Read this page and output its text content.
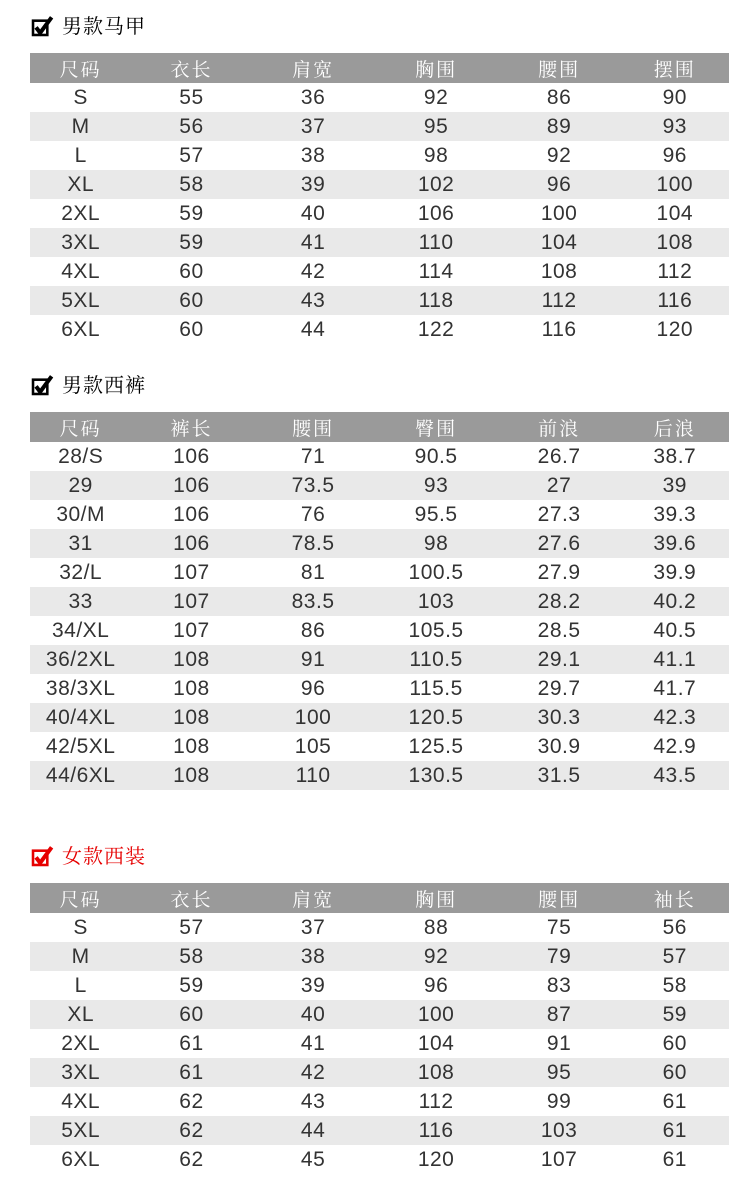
男款马甲
尺码	衣长	肩宽	胸围	腰围	摆围
S	55	36	92	86	90
M	56	37	95	89	93
L	57	38	98	92	96
XL	58	39	102	96	100
2XL	59	40	106	100	104
3XL	59	41	110	104	108
4XL	60	42	114	108	112
5XL	60	43	118	112	116
6XL	60	44	122	116	120
男款西裤
尺码	裤长	腰围	臀围	前浪	后浪
28/S	106	71	90.5	26.7	38.7
29	106	73.5	93	27	39
30/M	106	76	95.5	27.3	39.3
31	106	78.5	98	27.6	39.6
32/L	107	81	100.5	27.9	39.9
33	107	83.5	103	28.2	40.2
34/XL	107	86	105.5	28.5	40.5
36/2XL	108	91	110.5	29.1	41.1
38/3XL	108	96	115.5	29.7	41.7
40/4XL	108	100	120.5	30.3	42.3
42/5XL	108	105	125.5	30.9	42.9
44/6XL	108	110	130.5	31.5	43.5
女款西装
尺码	衣长	肩宽	胸围	腰围	袖长
S	57	37	88	75	56
M	58	38	92	79	57
L	59	39	96	83	58
XL	60	40	100	87	59
2XL	61	41	104	91	60
3XL	61	42	108	95	60
4XL	62	43	112	99	61
5XL	62	44	116	103	61
6XL	62	45	120	107	61
